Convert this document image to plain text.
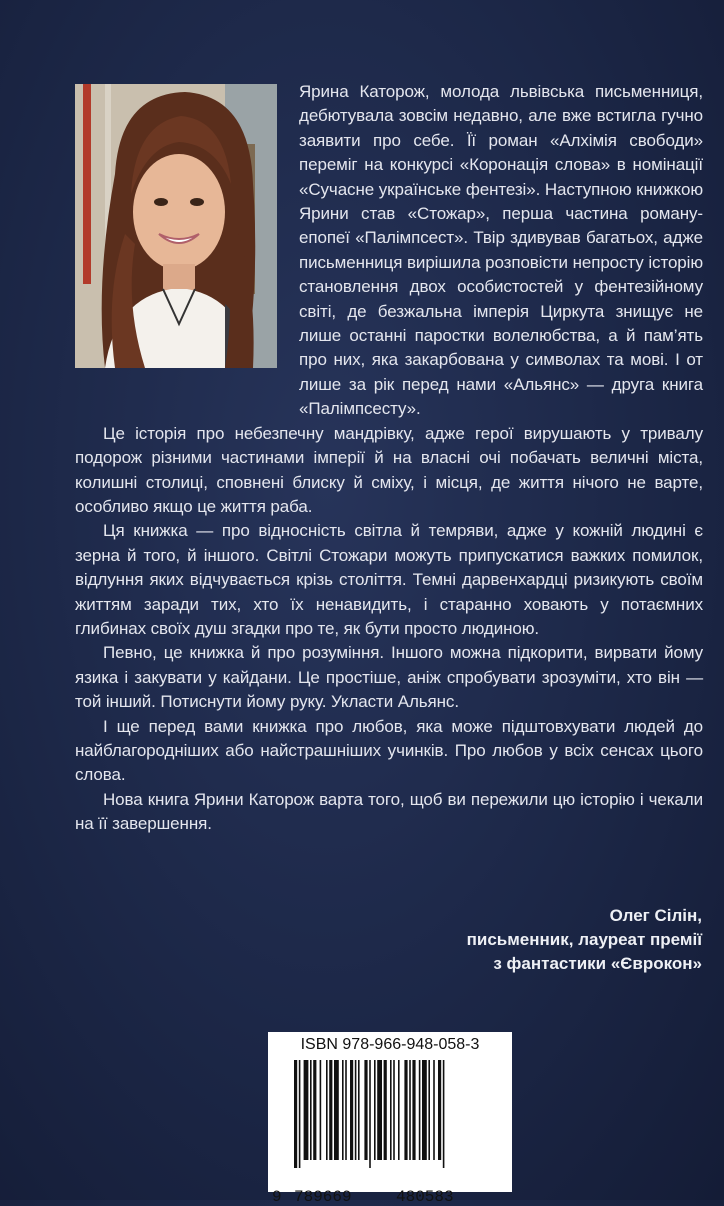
Ярина Каторож, молода львівська письменниця, дебютувала зовсім недавно, але вже встигла гучно заявити про себе. Її роман «Алхімія свободи» переміг на конкурсі «Коронація слова» в номінації «Сучасне українське фентезі». Наступною книжкою Ярини став «Стожар», перша частина роману-епопеї «Палімпсест». Твір здивував багатьох, адже письменниця вирішила розповісти непросту історію становлення двох особистостей у фентезійному світі, де безжальна імперія Циркута знищує не лише останні паростки волелюбства, а й пам’ять про них, яка закарбована у символах та мові. І от лише за рік перед нами «Альянс» — друга книга «Палімпсесту».

Це історія про небезпечну мандрівку, адже герої вирушають у тривалу подорож різними частинами імперії й на власні очі побачать величні міста, колишні столиці, сповнені блиску й сміху, і місця, де життя нічого не варте, особливо якщо це життя раба.

Ця книжка — про відносність світла й темряви, адже у кожній людині є зерна й того, й іншого. Світлі Стожари можуть припускатися важких помилок, відлуння яких відчувається крізь століття. Темні дарвенхардці ризикують своїм життям заради тих, хто їх ненавидить, і старанно ховають у потаємних глибинах своїх душ згадки про те, як бути просто людиною.

Певно, це книжка й про розуміння. Іншого можна підкорити, вирвати йому язика і закувати у кайдани. Це простіше, аніж спробувати зрозуміти, хто він — той інший. Потиснути йому руку. Укласти Альянс.

І ще перед вами книжка про любов, яка може підштовхувати людей до найблагородніших або найстрашніших учинків. Про любов у всіх сенсах цього слова.

Нова книга Ярини Каторож варта того, щоб ви пережили цю історію і чекали на її завершення.

Олег Сілін,
письменник, лауреат премії
з фантастики «Єврокон»
ISBN 978-966-948-058-3
9 789669	480583
